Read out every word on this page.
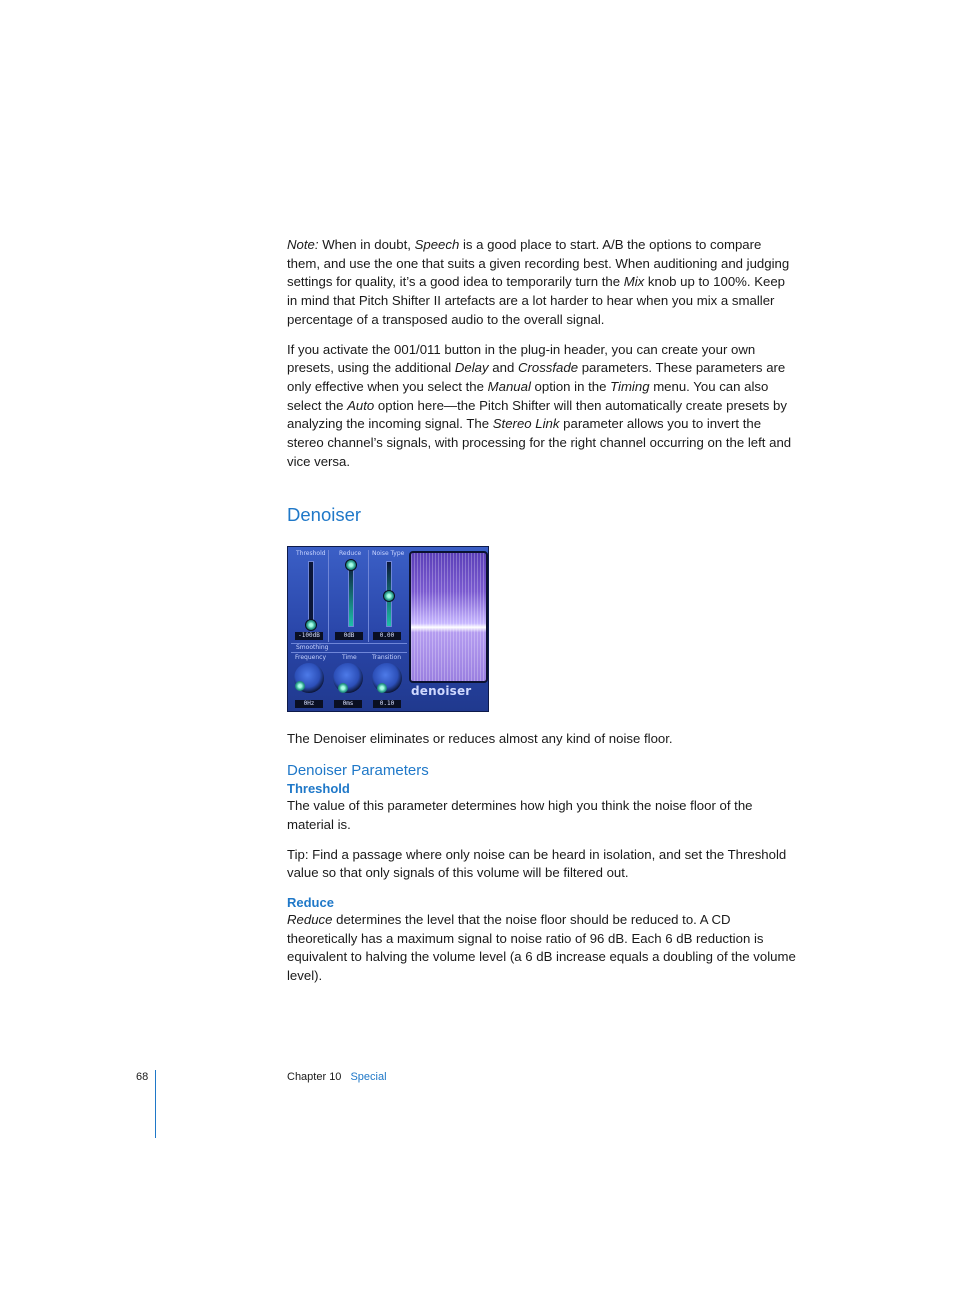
Note: When in doubt, Speech is a good place to start. A/B the options to compare them, and use the one that suits a given recording best. When auditioning and judging settings for quality, it’s a good idea to temporarily turn the Mix knob up to 100%. Keep in mind that Pitch Shifter II artefacts are a lot harder to hear when you mix a smaller percentage of a transposed audio to the overall signal.

If you activate the 001/011 button in the plug-in header, you can create your own presets, using the additional Delay and Crossfade parameters. These parameters are only effective when you select the Manual option in the Timing menu. You can also select the Auto option here—the Pitch Shifter will then automatically create presets by analyzing the incoming signal. The Stereo Link parameter allows you to invert the stereo channel’s signals, with processing for the right channel occurring on the left and vice versa.

Denoiser
Threshold Reduce Noise Type
-100dB	0dB	0.00
Smoothing
Frequency	Time	Transition
0Hz	0ms	0.10
denoiser

The Denoiser eliminates or reduces almost any kind of noise floor.

Denoiser Parameters
Threshold

The value of this parameter determines how high you think the noise floor of the material is.

Tip: Find a passage where only noise can be heard in isolation, and set the Threshold value so that only signals of this volume will be filtered out.

Reduce

Reduce determines the level that the noise floor should be reduced to. A CD theoretically has a maximum signal to noise ratio of 96 dB. Each 6 dB reduction is equivalent to halving the volume level (a 6 dB increase equals a doubling of the volume level).

68	Chapter 10 Special
